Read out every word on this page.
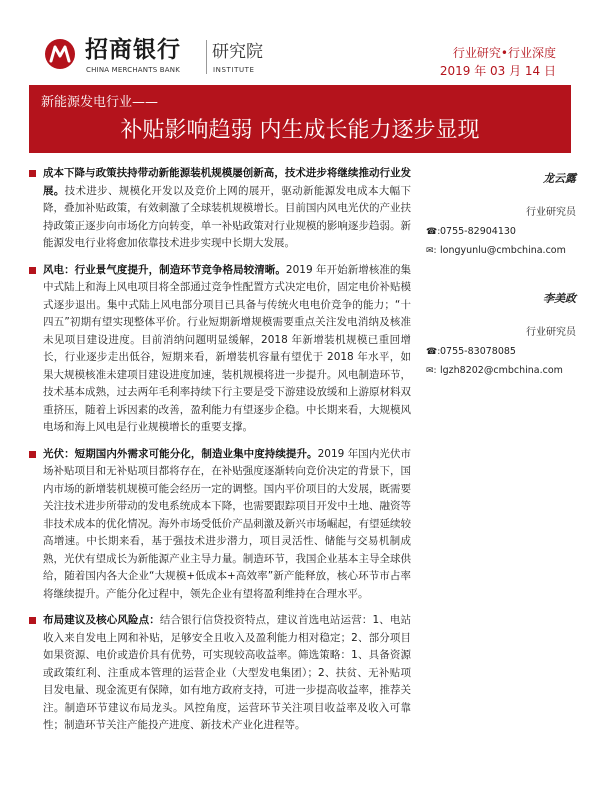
招商银行
CHINA MERCHANTS BANK
研究院
INSTITUTE
行业研究•行业深度
2019 年 03 月 14 日
新能源发电行业——
补贴影响趋弱 内生成长能力逐步显现
成本下降与政策扶持带动新能源装机规模屡创新高，技术进步将继续推动行业发展。技术进步、规模化开发以及竞价上网的展开，驱动新能源发电成本大幅下降，叠加补贴政策，有效刺激了全球装机规模增长。目前国内风电光伏的产业扶持政策正逐步向市场化方向转变，单一补贴政策对行业规模的影响逐步趋弱。新能源发电行业将愈加依靠技术进步实现中长期大发展。
风电：行业景气度提升，制造环节竞争格局较清晰。2019 年开始新增核准的集中式陆上和海上风电项目将全部通过竞争性配置方式决定电价，固定电价补贴模式逐步退出。集中式陆上风电部分项目已具备与传统火电电价竞争的能力；“十四五”初期有望实现整体平价。行业短期新增规模需要重点关注发电消纳及核准未见项目建设进度。目前消纳问题明显缓解，2018 年新增装机规模已重回增长，行业逐步走出低谷，短期来看，新增装机容量有望优于 2018 年水平，如果大规模核准未建项目建设进度加速，装机规模将进一步提升。风电制造环节，技术基本成熟，过去两年毛利率持续下行主要是受下游建设放缓和上游原材料双重挤压，随着上诉因素的改善，盈利能力有望逐步企稳。中长期来看，大规模风电场和海上风电是行业规模增长的重要支撑。
光伏：短期国内外需求可能分化，制造业集中度持续提升。2019 年国内光伏市场补贴项目和无补贴项目都将存在，在补贴强度逐渐转向竞价决定的背景下，国内市场的新增装机规模可能会经历一定的调整。国内平价项目的大发展，既需要关注技术进步所带动的发电系统成本下降，也需要跟踪项目开发中土地、融资等非技术成本的优化情况。海外市场受低价产品刺激及新兴市场崛起，有望延续较高增速。中长期来看，基于强技术进步潜力，项目灵活性、储能与交易机制成熟，光伏有望成长为新能源产业主导力量。制造环节，我国企业基本主导全球供给，随着国内各大企业“大规模+低成本+高效率”新产能释放，核心环节市占率将继续提升。产能分化过程中，领先企业有望将盈利维持在合理水平。
布局建议及核心风险点：结合银行信贷投资特点，建议首选电站运营：1、电站收入来自发电上网和补贴，足够安全且收入及盈利能力相对稳定；2、部分项目如果资源、电价或造价具有优势，可实现较高收益率。筛选策略：1、具备资源或政策红利、注重成本管理的运营企业（大型发电集团）；2、扶贫、无补贴项目发电量、现金流更有保障，如有地方政府支持，可进一步提高收益率，推荐关注。制造环节建议布局龙头。风控角度，运营环节关注项目收益率及收入可靠性；制造环节关注产能投产进度、新技术产业化进程等。
龙云露
行业研究员
☎:0755-82904130
✉: longyunlu@cmbchina.com
李美政
行业研究员
☎:0755-83078085
✉: lgzh8202@cmbchina.com
